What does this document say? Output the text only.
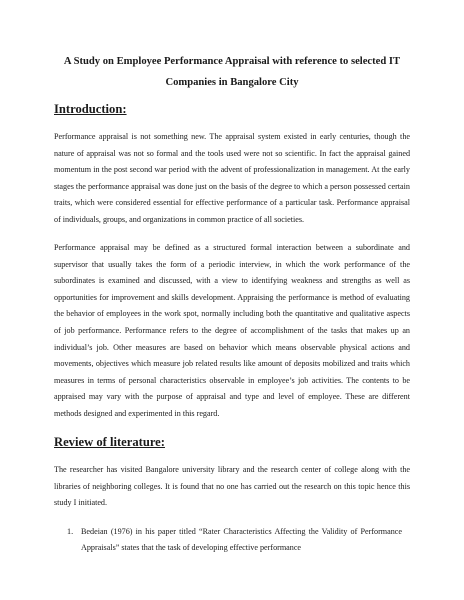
A Study on Employee Performance Appraisal with reference to selected IT
Companies in Bangalore City
Introduction:

Performance appraisal is not something new. The appraisal system existed in early centuries, though the nature of appraisal was not so formal and the tools used were not so scientific. In fact the appraisal gained momentum in the post second war period with the advent of professionalization in management. At the early stages the performance appraisal was done just on the basis of the degree to which a person possessed certain traits, which were considered essential for effective performance of a particular task. Performance appraisal of individuals, groups, and organizations in common practice of all societies.

Performance appraisal may be defined as a structured formal interaction between a subordinate and supervisor that usually takes the form of a periodic interview, in which the work performance of the subordinates is examined and discussed, with a view to identifying weakness and strengths as well as opportunities for improvement and skills development. Appraising the performance is method of evaluating the behavior of employees in the work spot, normally including both the quantitative and qualitative aspects of job performance. Performance refers to the degree of accomplishment of the tasks that makes up an individual’s job. Other measures are based on behavior which means observable physical actions and movements, objectives which measure job related results like amount of deposits mobilized and traits which measures in terms of personal characteristics observable in employee’s job activities. The contents to be appraised may vary with the purpose of appraisal and type and level of employee. These are different methods designed and experimented in this regard.

Review of literature:

The researcher has visited Bangalore university library and the research center of college along with the libraries of neighboring colleges. It is found that no one has carried out the research on this topic hence this study I initiated.

1. Bedeian (1976) in his paper titled “Rater Characteristics Affecting the Validity of Performance Appraisals” states that the task of developing effective performance
